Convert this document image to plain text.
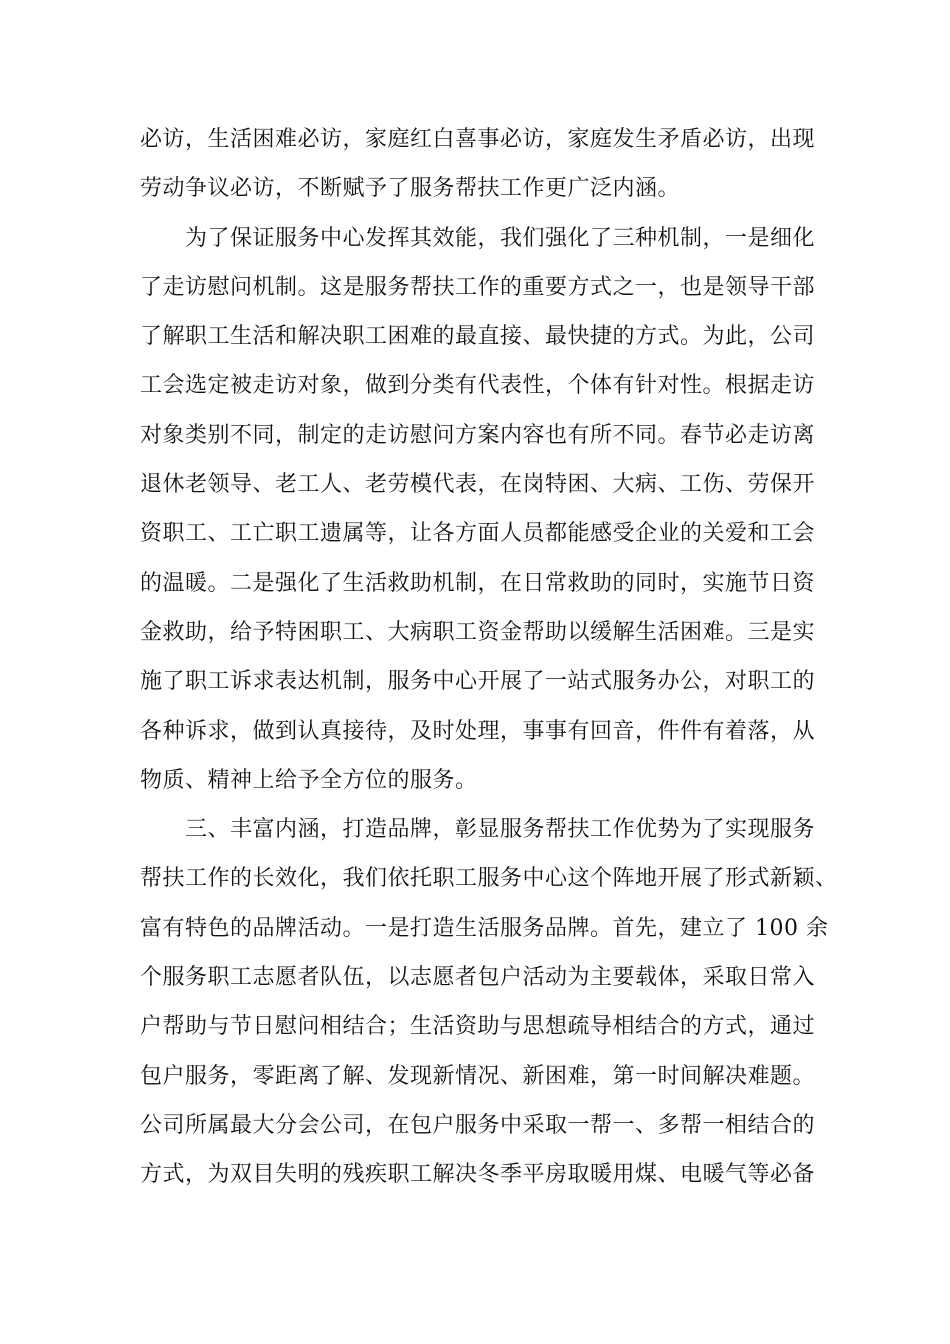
必访，生活困难必访，家庭红白喜事必访，家庭发生矛盾必访，出现
劳动争议必访，不断赋予了服务帮扶工作更广泛内涵。
　　为了保证服务中心发挥其效能，我们强化了三种机制，一是细化
了走访慰问机制。这是服务帮扶工作的重要方式之一，也是领导干部
了解职工生活和解决职工困难的最直接、最快捷的方式。为此，公司
工会选定被走访对象，做到分类有代表性，个体有针对性。根据走访
对象类别不同，制定的走访慰问方案内容也有所不同。春节必走访离
退休老领导、老工人、老劳模代表，在岗特困、大病、工伤、劳保开
资职工、工亡职工遗属等，让各方面人员都能感受企业的关爱和工会
的温暖。二是强化了生活救助机制，在日常救助的同时，实施节日资
金救助，给予特困职工、大病职工资金帮助以缓解生活困难。三是实
施了职工诉求表达机制，服务中心开展了一站式服务办公，对职工的
各种诉求，做到认真接待，及时处理，事事有回音，件件有着落，从
物质、精神上给予全方位的服务。
　　三、丰富内涵，打造品牌，彰显服务帮扶工作优势为了实现服务
帮扶工作的长效化，我们依托职工服务中心这个阵地开展了形式新颖、
富有特色的品牌活动。一是打造生活服务品牌。首先，建立了 100 余
个服务职工志愿者队伍，以志愿者包户活动为主要载体，采取日常入
户帮助与节日慰问相结合；生活资助与思想疏导相结合的方式，通过
包户服务，零距离了解、发现新情况、新困难，第一时间解决难题。
公司所属最大分会公司，在包户服务中采取一帮一、多帮一相结合的
方式，为双目失明的残疾职工解决冬季平房取暖用煤、电暖气等必备
